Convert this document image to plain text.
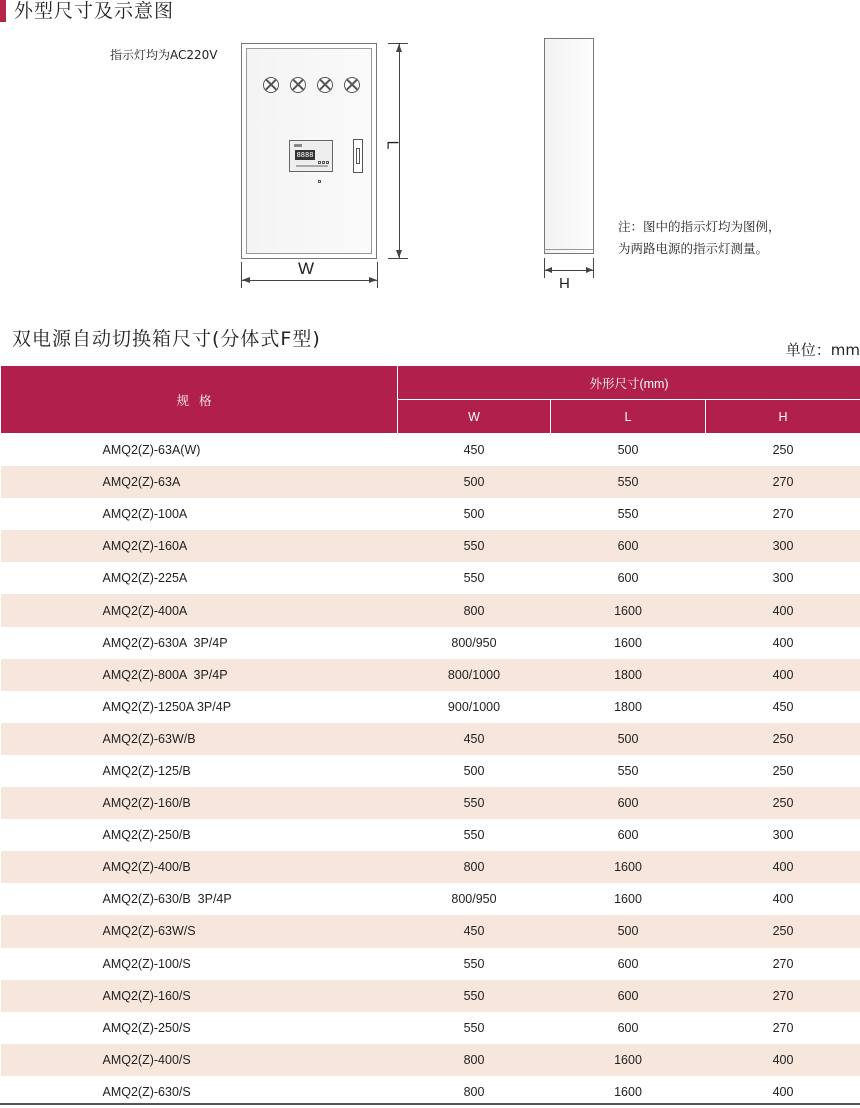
外型尺寸及示意图
指示灯均为AC220V
8888
L
W
H
注：图中的指示灯均为图例，
为两路电源的指示灯测量。
双电源自动切换箱尺寸(分体式F型)	单位：mm
规格	外形尺寸(mm)		
	W	L	H
AMQ2(Z)-63A(W)	450	500	250
AMQ2(Z)-63A	500	550	270
AMQ2(Z)-100A	500	550	270
AMQ2(Z)-160A	550	600	300
AMQ2(Z)-225A	550	600	300
AMQ2(Z)-400A	800	1600	400
AMQ2(Z)-630A  3P/4P	800/950	1600	400
AMQ2(Z)-800A  3P/4P	800/1000	1800	400
AMQ2(Z)-1250A 3P/4P	900/1000	1800	450
AMQ2(Z)-63W/B	450	500	250
AMQ2(Z)-125/B	500	550	250
AMQ2(Z)-160/B	550	600	250
AMQ2(Z)-250/B	550	600	300
AMQ2(Z)-400/B	800	1600	400
AMQ2(Z)-630/B  3P/4P	800/950	1600	400
AMQ2(Z)-63W/S	450	500	250
AMQ2(Z)-100/S	550	600	270
AMQ2(Z)-160/S	550	600	270
AMQ2(Z)-250/S	550	600	270
AMQ2(Z)-400/S	800	1600	400
AMQ2(Z)-630/S	800	1600	400
